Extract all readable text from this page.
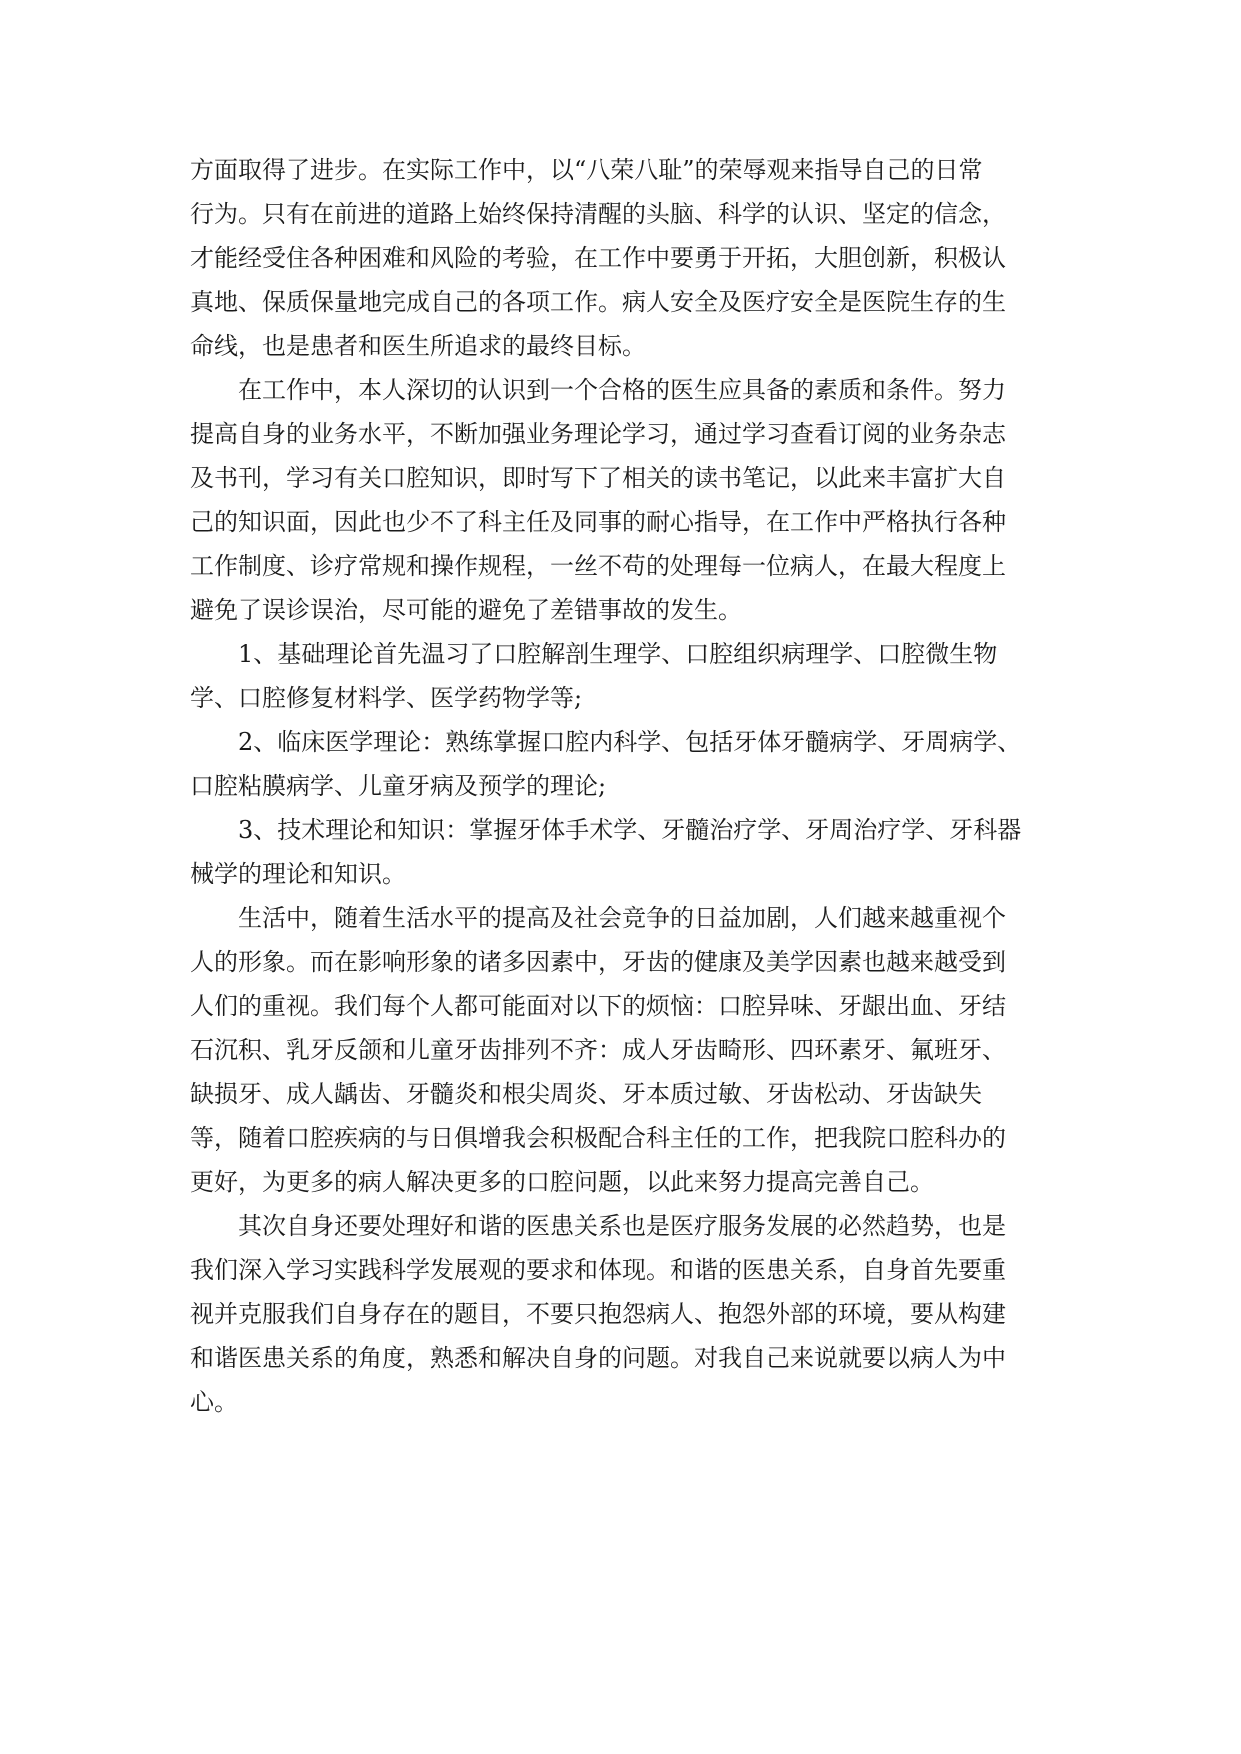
方面取得了进步。在实际工作中，以“八荣八耻”的荣辱观来指导自己的日常
行为。只有在前进的道路上始终保持清醒的头脑、科学的认识、坚定的信念，
才能经受住各种困难和风险的考验，在工作中要勇于开拓，大胆创新，积极认
真地、保质保量地完成自己的各项工作。病人安全及医疗安全是医院生存的生
命线，也是患者和医生所追求的最终目标。
在工作中，本人深切的认识到一个合格的医生应具备的素质和条件。努力
提高自身的业务水平，不断加强业务理论学习，通过学习查看订阅的业务杂志
及书刊，学习有关口腔知识，即时写下了相关的读书笔记，以此来丰富扩大自
己的知识面，因此也少不了科主任及同事的耐心指导，在工作中严格执行各种
工作制度、诊疗常规和操作规程，一丝不苟的处理每一位病人，在最大程度上
避免了误诊误治，尽可能的避免了差错事故的发生。
1、基础理论首先温习了口腔解剖生理学、口腔组织病理学、口腔微生物
学、口腔修复材料学、医学药物学等;
2、临床医学理论：熟练掌握口腔内科学、包括牙体牙髓病学、牙周病学、
口腔粘膜病学、儿童牙病及预学的理论;
3、技术理论和知识：掌握牙体手术学、牙髓治疗学、牙周治疗学、牙科器
械学的理论和知识。
生活中，随着生活水平的提高及社会竞争的日益加剧，人们越来越重视个
人的形象。而在影响形象的诸多因素中，牙齿的健康及美学因素也越来越受到
人们的重视。我们每个人都可能面对以下的烦恼：口腔异味、牙龈出血、牙结
石沉积、乳牙反颌和儿童牙齿排列不齐：成人牙齿畸形、四环素牙、氟班牙、
缺损牙、成人龋齿、牙髓炎和根尖周炎、牙本质过敏、牙齿松动、牙齿缺失
等，随着口腔疾病的与日俱增我会积极配合科主任的工作，把我院口腔科办的
更好，为更多的病人解决更多的口腔问题，以此来努力提高完善自己。
其次自身还要处理好和谐的医患关系也是医疗服务发展的必然趋势，也是
我们深入学习实践科学发展观的要求和体现。和谐的医患关系，自身首先要重
视并克服我们自身存在的题目，不要只抱怨病人、抱怨外部的环境，要从构建
和谐医患关系的角度，熟悉和解决自身的问题。对我自己来说就要以病人为中
心。
